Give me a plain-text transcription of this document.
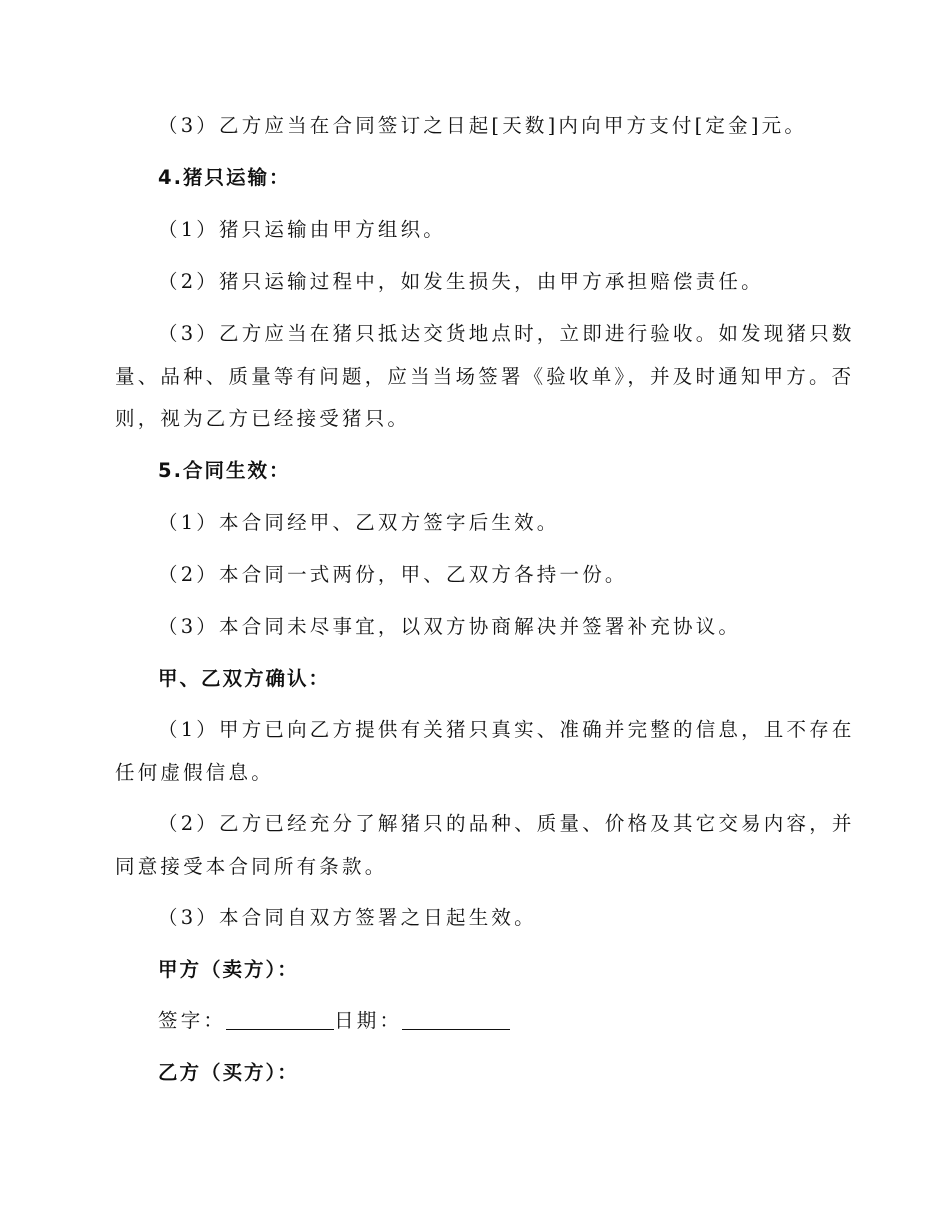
（3）乙方应当在合同签订之日起[天数]内向甲方支付[定金]元。
4.猪只运输：
（1）猪只运输由甲方组织。
（2）猪只运输过程中，如发生损失，由甲方承担赔偿责任。
（3）乙方应当在猪只抵达交货地点时，立即进行验收。如发现猪只数
量、品种、质量等有问题，应当当场签署《验收单》，并及时通知甲方。否
则，视为乙方已经接受猪只。
5.合同生效：
（1）本合同经甲、乙双方签字后生效。
（2）本合同一式两份，甲、乙双方各持一份。
（3）本合同未尽事宜，以双方协商解决并签署补充协议。
甲、乙双方确认：
（1）甲方已向乙方提供有关猪只真实、准确并完整的信息，且不存在
任何虚假信息。
（2）乙方已经充分了解猪只的品种、质量、价格及其它交易内容，并
同意接受本合同所有条款。
（3）本合同自双方签署之日起生效。
甲方（卖方）：
签字：	日期：
乙方（买方）：
